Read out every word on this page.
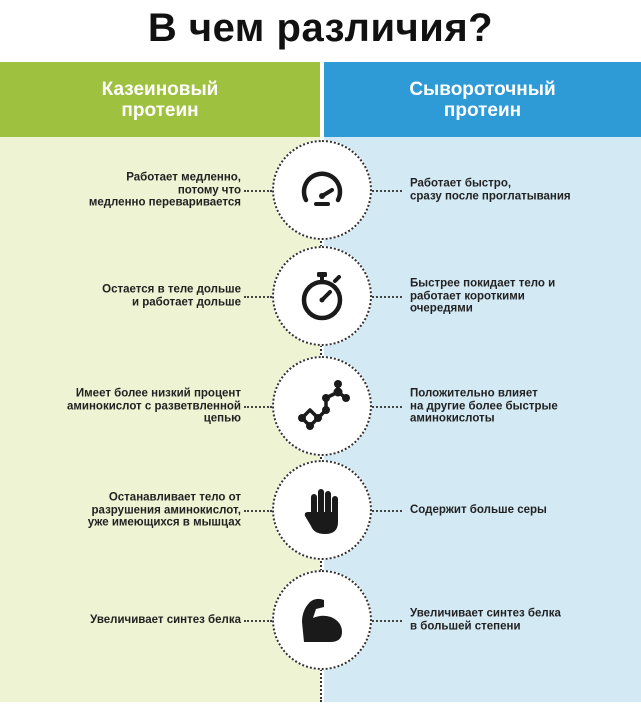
В чем различия?
Казеиновый
протеин
Сывороточный
протеин
Работает медленно,
потому что
медленно переваривается
Работает быстро,
сразу после проглатывания
Остается в теле дольше
и работает дольше
Быстрее покидает тело и
работает короткими
очередями
Имеет более низкий процент
аминокислот с разветвленной
цепью
Положительно влияет
на другие более быстрые
аминокислоты
Останавливает тело от
разрушения аминокислот,
уже имеющихся в мышцах
Содержит больше серы
Увеличивает синтез белка
Увеличивает синтез белка
в большей степени
